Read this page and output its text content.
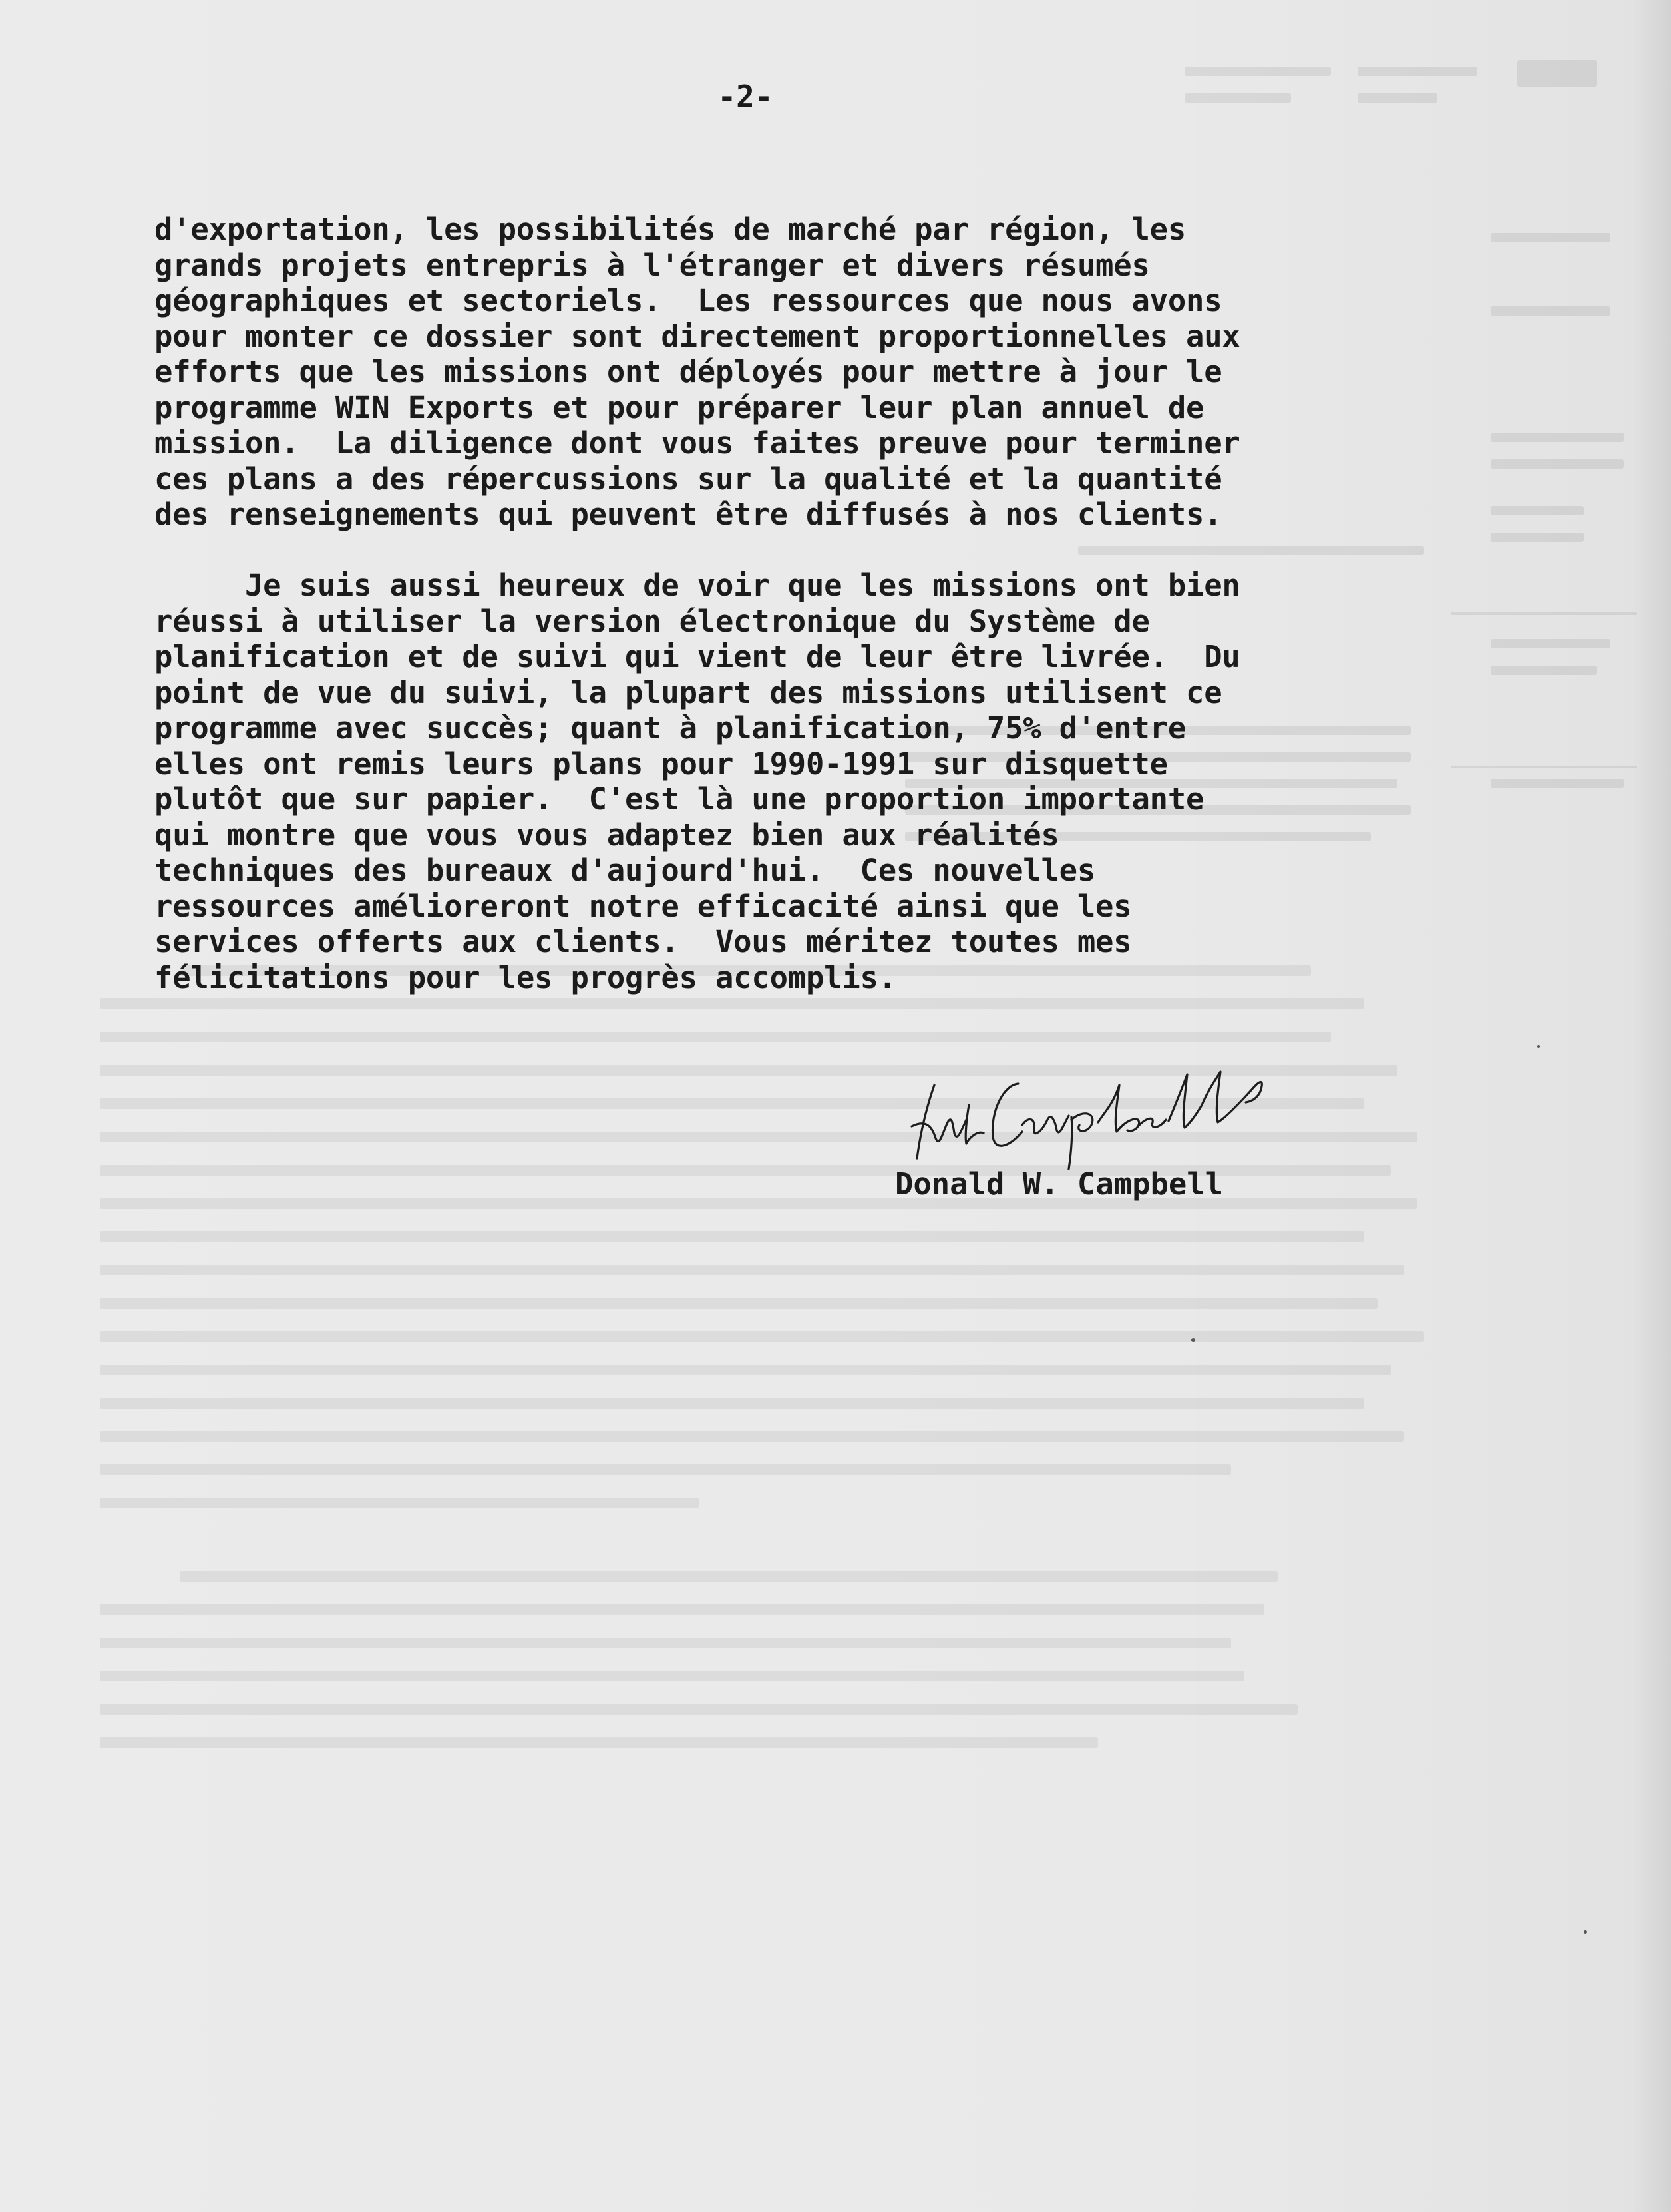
-2-

d'exportation, les possibilités de marché par région, les
grands projets entrepris à l'étranger et divers résumés
géographiques et sectoriels.  Les ressources que nous avons
pour monter ce dossier sont directement proportionnelles aux
efforts que les missions ont déployés pour mettre à jour le
programme WIN Exports et pour préparer leur plan annuel de
mission.  La diligence dont vous faites preuve pour terminer
ces plans a des répercussions sur la qualité et la quantité
des renseignements qui peuvent être diffusés à nos clients.

Je suis aussi heureux de voir que les missions ont bien
réussi à utiliser la version électronique du Système de
planification et de suivi qui vient de leur être livrée.  Du
point de vue du suivi, la plupart des missions utilisent ce
programme avec succès; quant à planification, 75% d'entre
elles ont remis leurs plans pour 1990-1991 sur disquette
plutôt que sur papier.  C'est là une proportion importante
qui montre que vous vous adaptez bien aux réalités
techniques des bureaux d'aujourd'hui.  Ces nouvelles
ressources amélioreront notre efficacité ainsi que les
services offerts aux clients.  Vous méritez toutes mes
félicitations pour les progrès accomplis.

Donald W. Campbell
